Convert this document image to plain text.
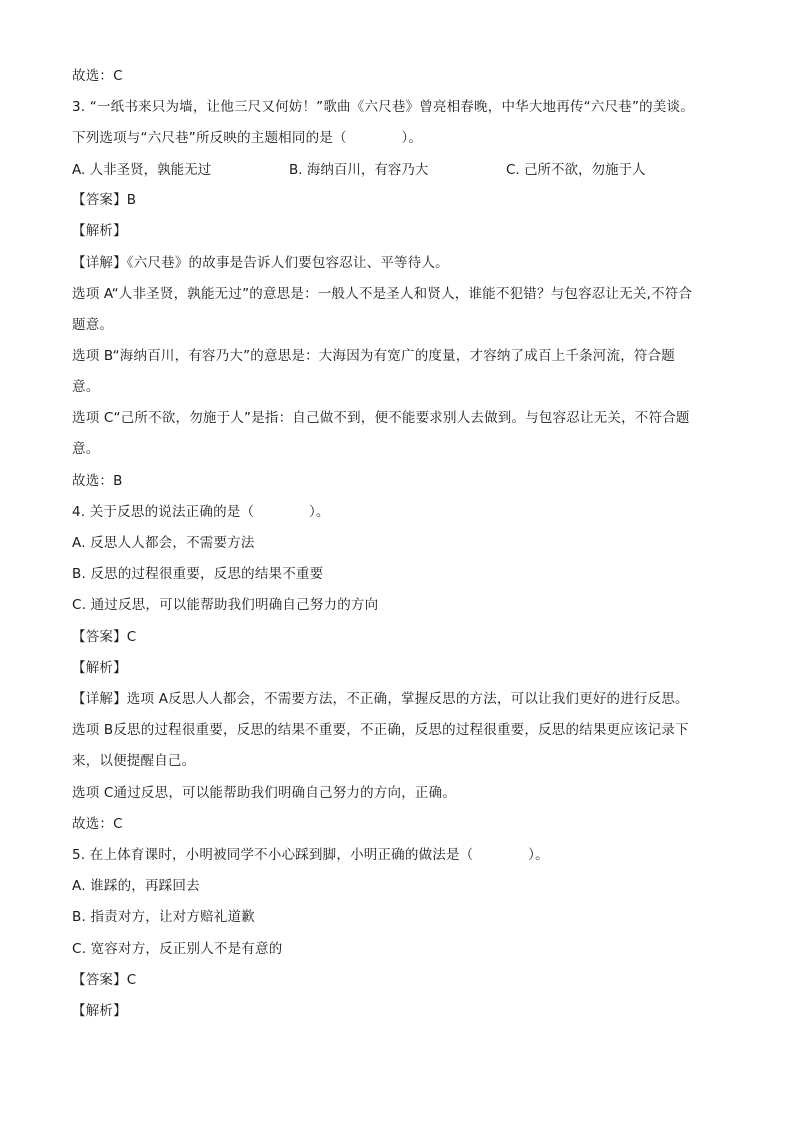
故选：C
3. “一纸书来只为墙，让他三尺又何妨！”歌曲《六尺巷》曾亮相春晚，中华大地再传“六尺巷”的美谈。
下列选项与“六尺巷”所反映的主题相同的是（　　　　）。
A. 人非圣贤，孰能无过	B. 海纳百川，有容乃大	C. 己所不欲，勿施于人
【答案】B
【解析】
【详解】《六尺巷》的故事是告诉人们要包容忍让、平等待人。
选项 A“人非圣贤，孰能无过”的意思是：一般人不是圣人和贤人，谁能不犯错？与包容忍让无关,不符合
题意。
选项 B“海纳百川，有容乃大”的意思是：大海因为有宽广的度量，才容纳了成百上千条河流，符合题
意。
选项 C“己所不欲，勿施于人”是指：自己做不到，便不能要求别人去做到。与包容忍让无关，不符合题
意。
故选：B
4. 关于反思的说法正确的是（　　　　）。
A. 反思人人都会，不需要方法
B. 反思的过程很重要，反思的结果不重要
C. 通过反思，可以能帮助我们明确自己努力的方向
【答案】C
【解析】
【详解】选项 A反思人人都会，不需要方法，不正确，掌握反思的方法，可以让我们更好的进行反思。
选项 B反思的过程很重要，反思的结果不重要，不正确，反思的过程很重要，反思的结果更应该记录下
来，以便提醒自己。
选项 C通过反思，可以能帮助我们明确自己努力的方向，正确。
故选：C
5. 在上体育课时，小明被同学不小心踩到脚，小明正确的做法是（　　　　）。
A. 谁踩的，再踩回去
B. 指责对方，让对方赔礼道歉
C. 宽容对方，反正别人不是有意的
【答案】C
【解析】
